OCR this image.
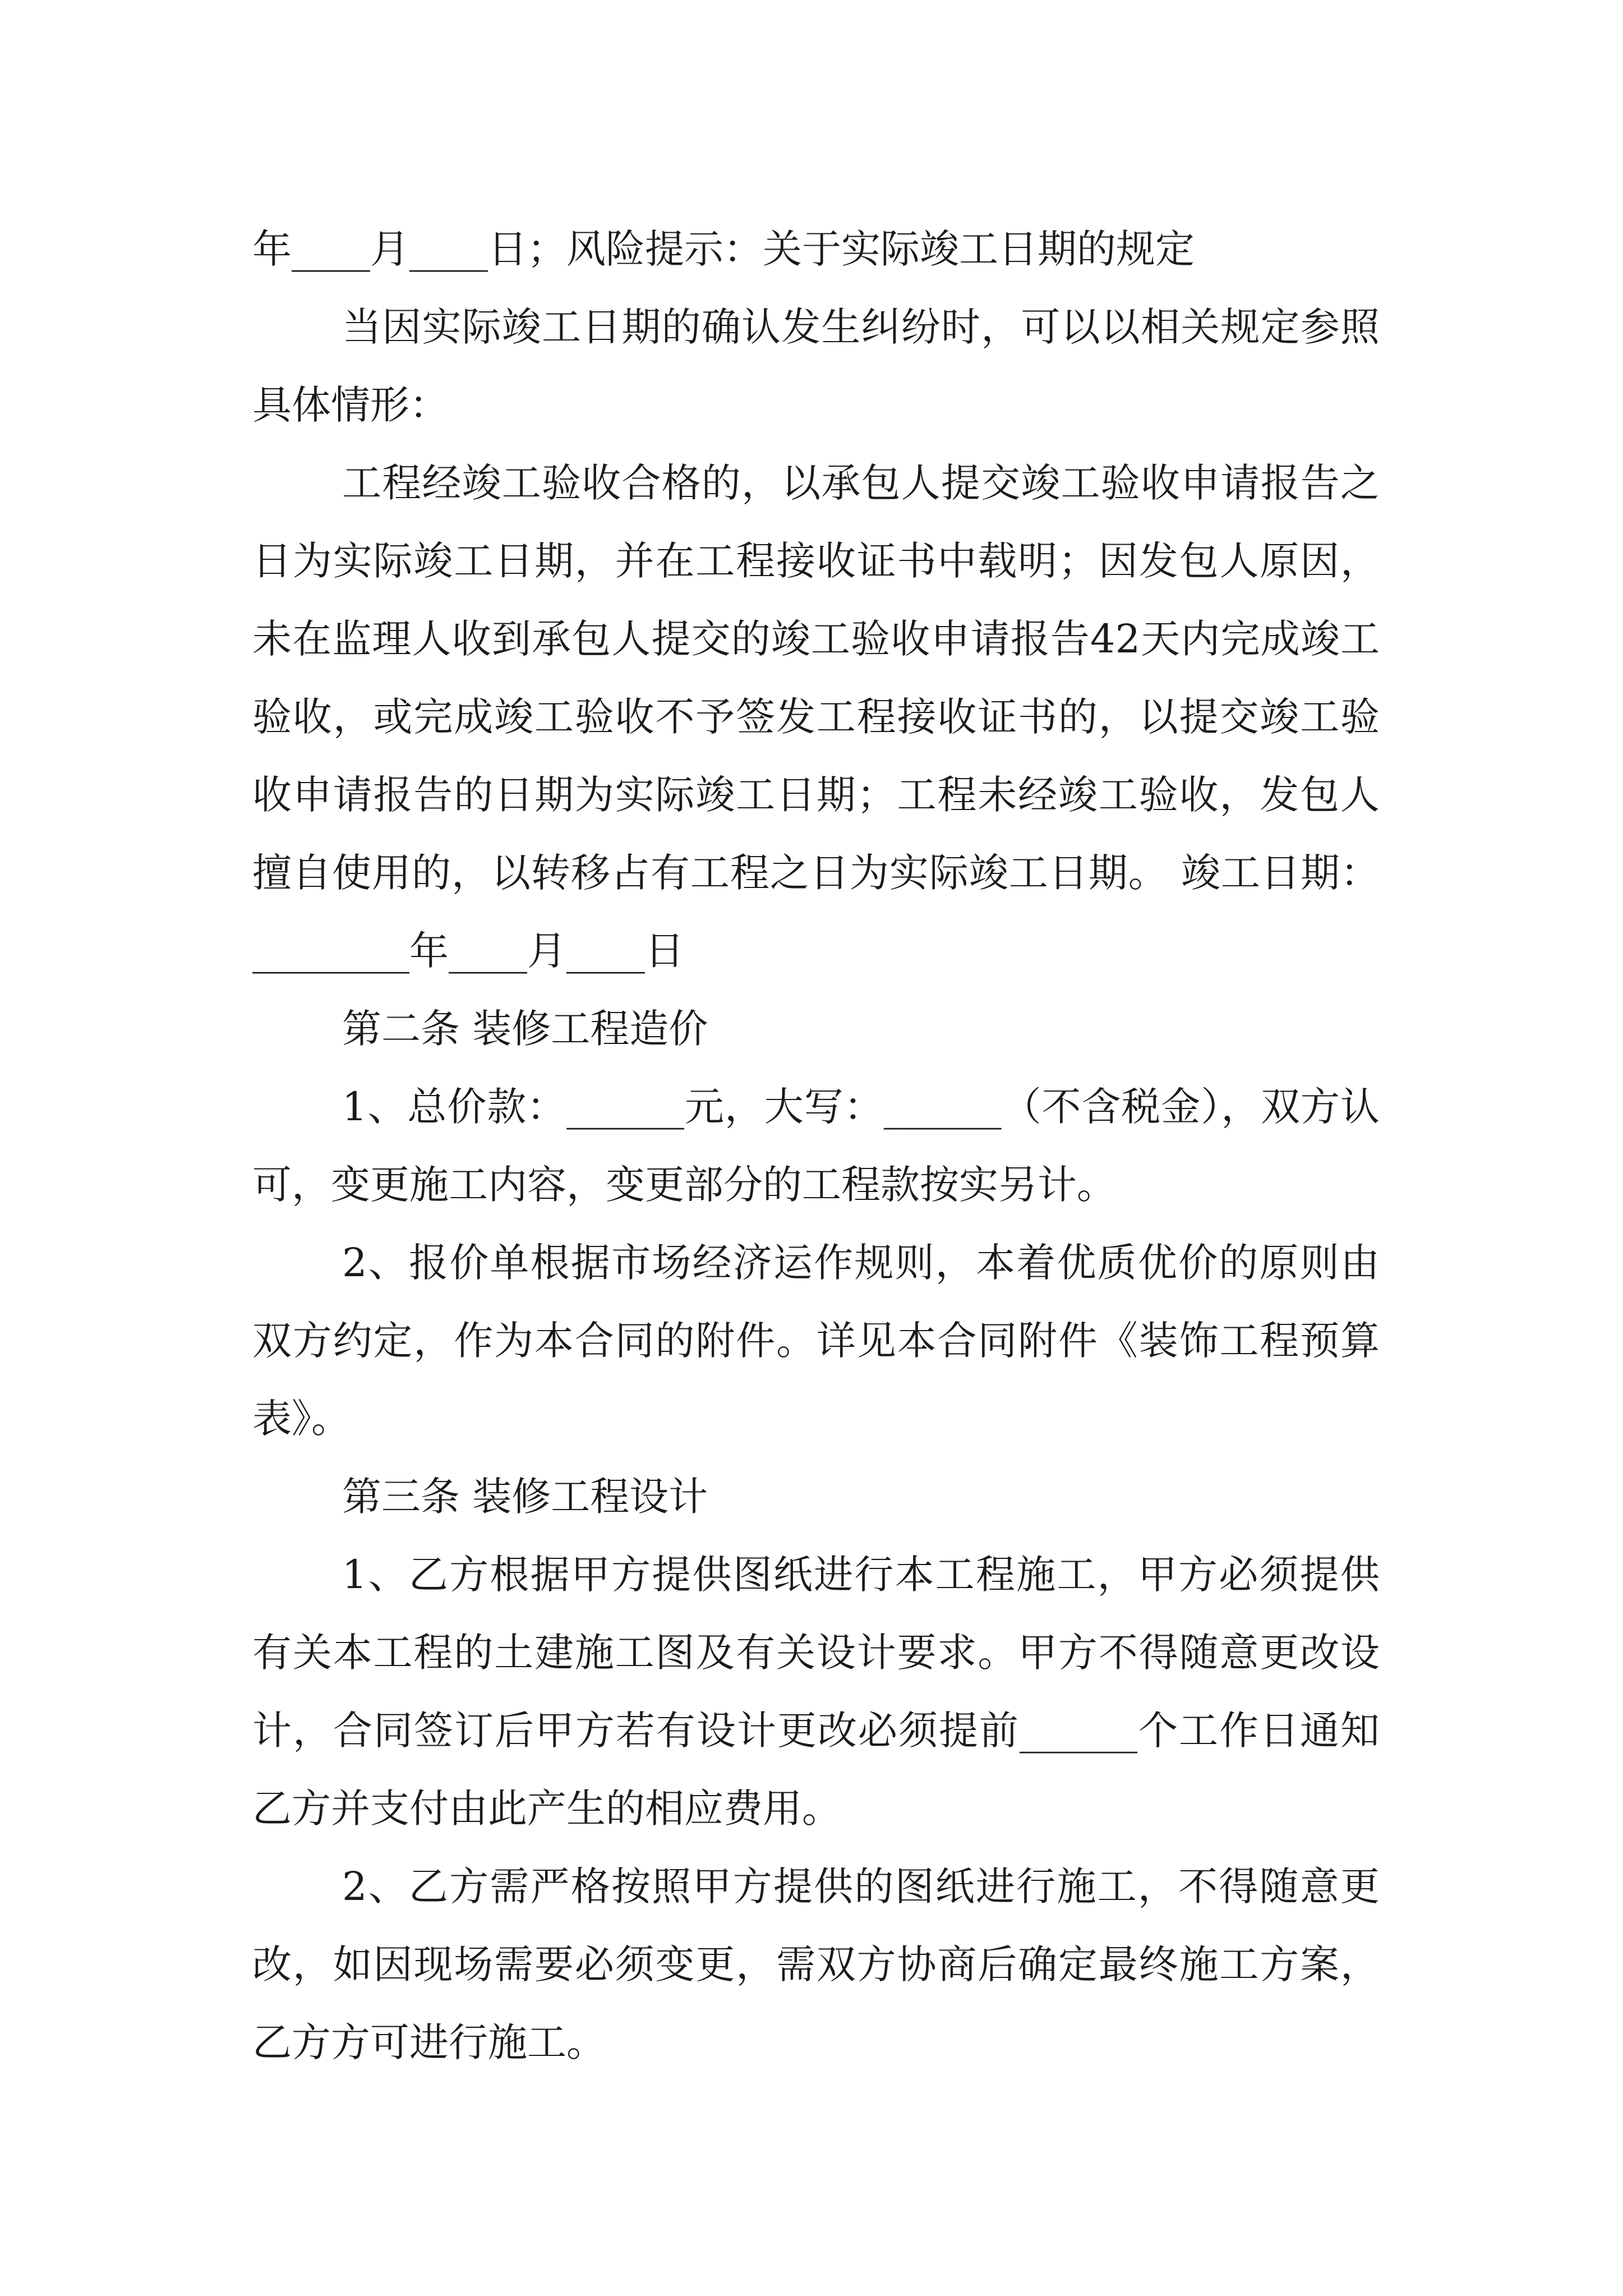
年____月____日；风险提示：关于实际竣工日期的规定

当因实际竣工日期的确认发生纠纷时，可以以相关规定参照具体情形：

工程经竣工验收合格的，以承包人提交竣工验收申请报告之日为实际竣工日期，并在工程接收证书中载明；因发包人原因，未在监理人收到承包人提交的竣工验收申请报告42天内完成竣工验收，或完成竣工验收不予签发工程接收证书的，以提交竣工验收申请报告的日期为实际竣工日期；工程未经竣工验收，发包人擅自使用的，以转移占有工程之日为实际竣工日期。 竣工日期：________年____月____日

第二条 装修工程造价

1、总价款：______元，大写：______（不含税金），双方认可，变更施工内容，变更部分的工程款按实另计。

2、报价单根据市场经济运作规则，本着优质优价的原则由双方约定，作为本合同的附件。详见本合同附件《装饰工程预算表》。

第三条 装修工程设计

1、乙方根据甲方提供图纸进行本工程施工，甲方必须提供有关本工程的土建施工图及有关设计要求。甲方不得随意更改设计，合同签订后甲方若有设计更改必须提前______个工作日通知乙方并支付由此产生的相应费用。

2、乙方需严格按照甲方提供的图纸进行施工，不得随意更改，如因现场需要必须变更，需双方协商后确定最终施工方案，乙方方可进行施工。
